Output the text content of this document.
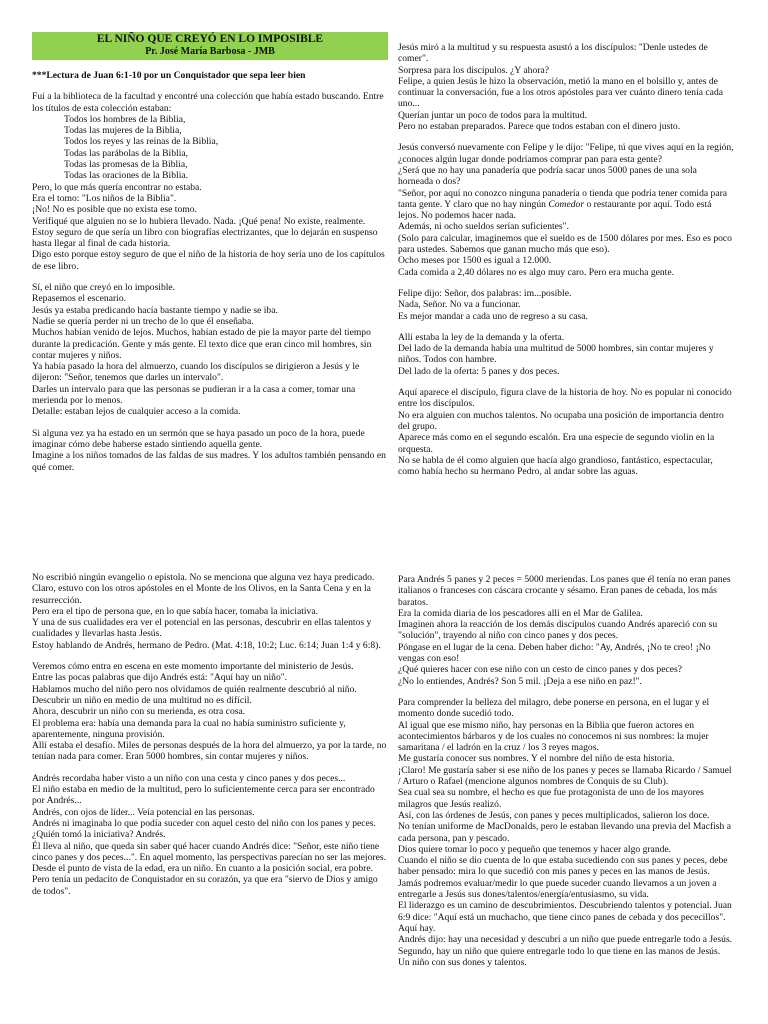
EL NIÑO QUE CREYÓ EN LO IMPOSIBLE
Pr. José María Barbosa - JMB
***Lectura de Juan 6:1-10 por un Conquistador que sepa leer bien
Fui a la biblioteca de la facultad y encontré una colección que había estado buscando. Entre los títulos de esta colección estaban:
Todos los hombres de la Biblia,
Todas las mujeres de la Biblia,
Todos los reyes y las reinas de la Biblia,
Todas las parábolas de la Biblia,
Todas las promesas de la Biblia,
Todas las oraciones de la Biblia.
Pero, lo que más quería encontrar no estaba.
Era el tomo: "Los niños de la Biblia".
¡No! No es posible que no exista ese tomo.
Verifiqué que alguien no se lo hubiera llevado. Nada. ¡Qué pena! No existe, realmente.
Estoy seguro de que sería un libro con biografías electrizantes, que lo dejarán en suspenso hasta llegar al final de cada historia.
Digo esto porque estoy seguro de que el niño de la historia de hoy sería uno de los capítulos de ese libro.
Sí, el niño que creyó en lo imposible.
Repasemos el escenario.
Jesús ya estaba predicando hacía bastante tiempo y nadie se iba.
Nadie se quería perder ni un trecho de lo que él enseñaba.
Muchos habían venido de lejos. Muchos, habían estado de pie la mayor parte del tiempo durante la predicación. Gente y más gente. El texto dice que eran cinco mil hombres, sin contar mujeres y niños.
Ya había pasado la hora del almuerzo, cuando los discípulos se dirigieron a Jesús y le dijeron: "Señor, tenemos que darles un intervalo".
Darles un intervalo para que las personas se pudieran ir a la casa a comer, tomar una merienda por lo menos.
Detalle: estaban lejos de cualquier acceso a la comida.
Si alguna vez ya ha estado en un sermón que se haya pasado un poco de la hora, puede imaginar cómo debe haberse estado sintiendo aquella gente.
Imagine a los niños tomados de las faldas de sus madres. Y los adultos también pensando en qué comer.
Jesús miró a la multitud y su respuesta asustó a los discípulos: "Denle ustedes de comer".
Sorpresa para los discípulos. ¿Y ahora?
Felipe, a quien Jesús le hizo la observación, metió la mano en el bolsillo y, antes de continuar la conversación, fue a los otros apóstoles para ver cuánto dinero tenía cada uno...
Querían juntar un poco de todos para la multitud.
Pero no estaban preparados. Parece que todos estaban con el dinero justo.
Jesús conversó nuevamente con Felipe y le dijo: "Felipe, tú que vives aquí en la región, ¿conoces algún lugar donde podríamos comprar pan para esta gente?
¿Será que no hay una panadería que podría sacar unos 5000 panes de una sola horneada o dos?
"Señor, por aquí no conozco ninguna panadería o tienda que podría tener comida para tanta gente. Y claro que no hay ningún Comedor o restaurante por aquí. Todo está lejos. No podemos hacer nada.
Además, ni ocho sueldos serían suficientes".
(Solo para calcular, imaginemos que el sueldo es de 1500 dólares por mes. Eso es poco para ustedes. Sabemos que ganan mucho más que eso).
Ocho meses por 1500 es igual a 12.000.
Cada comida a 2,40 dólares no es algo muy caro. Pero era mucha gente.
Felipe dijo: Señor, dos palabras: im...posible.
Nada, Señor. No va a funcionar.
Es mejor mandar a cada uno de regreso a su casa.
Allí estaba la ley de la demanda y la oferta.
Del lado de la demanda había una multitud de 5000 hombres, sin contar mujeres y niños. Todos con hambre.
Del lado de la oferta: 5 panes y dos peces.
Aquí aparece el discípulo, figura clave de la historia de hoy. No es popular ni conocido entre los discípulos.
No era alguien con muchos talentos. No ocupaba una posición de importancia dentro del grupo.
Aparece más como en el segundo escalón. Era una especie de segundo violín en la orquesta.
No se habla de él como alguien que hacía algo grandioso, fantástico, espectacular, como había hecho su hermano Pedro, al andar sobre las aguas.
No escribió ningún evangelio o epístola. No se menciona que alguna vez haya predicado. Claro, estuvo con los otros apóstoles en el Monte de los Olivos, en la Santa Cena y en la resurrección.
Pero era el tipo de persona que, en lo que sabía hacer, tomaba la iniciativa.
Y una de sus cualidades era ver el potencial en las personas, descubrir en ellas talentos y cualidades y llevarlas hasta Jesús.
Estoy hablando de Andrés, hermano de Pedro. (Mat. 4:18, 10:2; Luc. 6:14; Juan 1:4 y 6:8).
Veremos cómo entra en escena en este momento importante del ministerio de Jesús.
Entre las pocas palabras que dijo Andrés está: "Aquí hay un niño".
Hablamos mucho del niño pero nos olvidamos de quién realmente descubrió al niño.
Descubrir un niño en medio de una multitud no es difícil.
Ahora, descubrir un niño con su merienda, es otra cosa.
El problema era: había una demanda para la cual no había suministro suficiente y, aparentemente, ninguna provisión.
Allí estaba el desafío. Miles de personas después de la hora del almuerzo, ya por la tarde, no tenían nada para comer. Eran 5000 hombres, sin contar mujeres y niños.
Andrés recordaba haber visto a un niño con una cesta y cinco panes y dos peces...
El niño estaba en medio de la multitud, pero lo suficientemente cerca para ser encontrado por Andrés...
Andrés, con ojos de líder... Veía potencial en las personas.
Andrés ni imaginaba lo que podía suceder con aquel cesto del niño con los panes y peces.
¿Quién tomó la iniciativa? Andrés.
Él lleva al niño, que queda sin saber qué hacer cuando Andrés dice: "Señor, este niño tiene cinco panes y dos peces...". En aquel momento, las perspectivas parecían no ser las mejores.
Desde el punto de vista de la edad, era un niño. En cuanto a la posición social, era pobre.
Pero tenía un pedacito de Conquistador en su corazón, ya que era "siervo de Dios y amigo de todos".
Para Andrés 5 panes y 2 peces = 5000 meriendas. Los panes que él tenía no eran panes italianos o franceses con cáscara crocante y sésamo. Eran panes de cebada, los más baratos.
Era la comida diaria de los pescadores allí en el Mar de Galilea.
Imaginen ahora la reacción de los demás discípulos cuando Andrés apareció con su "solución", trayendo al niño con cinco panes y dos peces.
Póngase en el lugar de la cena. Deben haber dicho: "Ay, Andrés, ¡No te creo! ¡No vengas con eso!
¿Qué quieres hacer con ese niño con un cesto de cinco panes y dos peces?
¿No lo entiendes, Andrés? Son 5 mil. ¡Deja a ese niño en paz!".
Para comprender la belleza del milagro, debe ponerse en persona, en el lugar y el momento donde sucedió todo.
Al igual que ese mismo niño, hay personas en la Biblia que fueron actores en acontecimientos bárbaros y de los cuales no conocemos ni sus nombres: la mujer samaritana / el ladrón en la cruz / los 3 reyes magos.
Me gustaría conocer sus nombres. Y el nombre del niño de esta historia.
¡Claro! Me gustaría saber si ese niño de los panes y peces se llamaba Ricardo / Samuel / Arturo o Rafael (mencione algunos nombres de Conquis de su Club).
Sea cual sea su nombre, el hecho es que fue protagonista de uno de los mayores milagros que Jesús realizó.
Así, con las órdenes de Jesús, con panes y peces multiplicados, salieron los doce.
No tenían uniforme de MacDonalds, pero le estaban llevando una previa del Macfish a cada persona, pan y pescado.
Dios quiere tomar lo poco y pequeño que tenemos y hacer algo grande.
Cuando el niño se dio cuenta de lo que estaba sucediendo con sus panes y peces, debe haber pensado: mira lo que sucedió con mis panes y peces en las manos de Jesús.
Jamás podremos evaluar/medir lo que puede suceder cuando llevamos a un joven a entregarle a Jesús sus dones/talentos/energía/entusiasmo, su vida.
El liderazgo es un camino de descubrimientos. Descubriendo talentos y potencial. Juan 6:9 dice: "Aquí está un muchacho, que tiene cinco panes de cebada y dos pececillos". Aquí hay.
Andrés dijo: hay una necesidad y descubrí a un niño que puede entregarle todo a Jesús.
Segundo, hay un niño que quiere entregarle todo lo que tiene en las manos de Jesús. Un niño con sus dones y talentos.
